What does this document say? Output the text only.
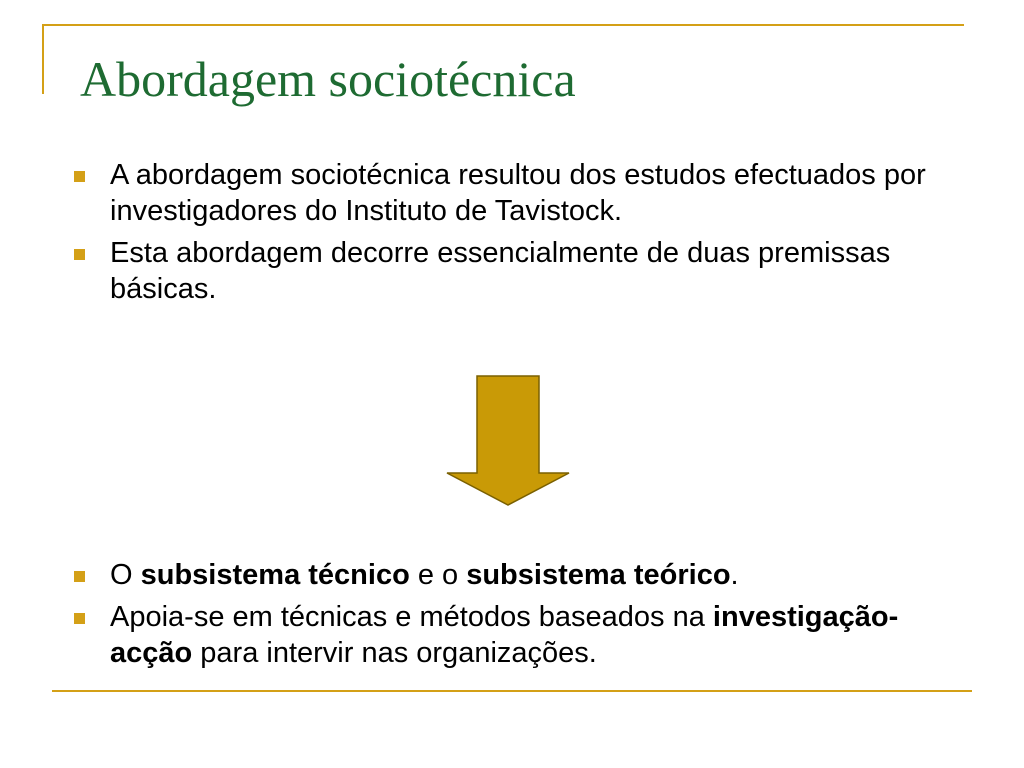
Abordagem sociotécnica
A abordagem sociotécnica resultou dos estudos efectuados por investigadores do Instituto de Tavistock.
Esta abordagem decorre essencialmente de duas premissas básicas.
O subsistema técnico e o subsistema teórico.
Apoia-se em técnicas e métodos baseados na investigação-acção para intervir nas organizações.
